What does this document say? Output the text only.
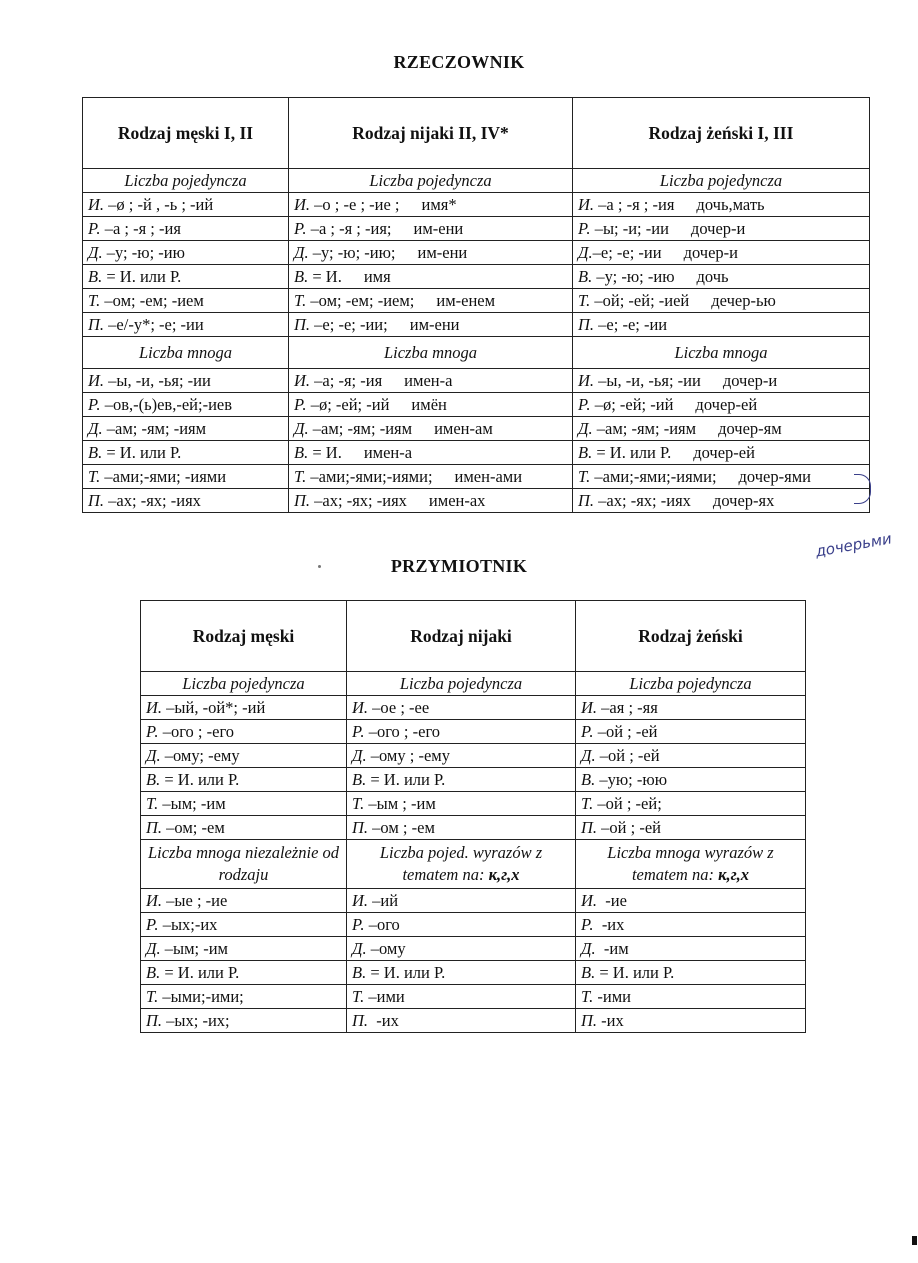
RZECZOWNIK
Rodzaj męski I, II	Rodzaj nijaki II, IV*	Rodzaj żeński I, III
Liczba pojedyncza	Liczba pojedyncza	Liczba pojedyncza
И. –ø ; -й , -ь ; -ий	И. –о ; -е ; -ие ; имя*	И. –а ; -я ; -ия дочь,мать
Р. –а ; -я ; -ия	Р. –а ; -я ; -ия; им-ени	Р. –ы; -и; -ии дочер-и
Д. –у; -ю; -ию	Д. –у; -ю; -ию; им-ени	Д.–е; -е; -ии дочер-и
В. = И. или Р.	В. = И. имя	В. –у; -ю; -ию дочь
Т. –ом; -ем; -ием	Т. –ом; -ем; -ием; им-енем	Т. –ой; -ей; -ией дечер-ью
П. –е/-у*; -е; -ии	П. –е; -е; -ии; им-ени	П. –е; -е; -ии
Liczba mnoga	Liczba mnoga	Liczba mnoga
И. –ы, -и, -ья; -ии	И. –а; -я; -ия имен-а	И. –ы, -и, -ья; -ии дочер-и
Р. –ов,-(ь)ев,-ей;-иев	Р. –ø; -ей; -ий имён	Р. –ø; -ей; -ий дочер-ей
Д. –ам; -ям; -иям	Д. –ам; -ям; -иям имен-ам	Д. –ам; -ям; -иям дочер-ям
В. = И. или Р.	В. = И. имен-а	В. = И. или Р. дочер-ей
Т. –ами;-ями; -иями	Т. –ами;-ями;-иями; имен-ами	Т. –ами;-ями;-иями; дочер-ями
П. –ах; -ях; -иях	П. –ах; -ях; -иях имен-ах	П. –ах; -ях; -иях дочер-ях
дочерьми
PRZYMIOTNIK
Rodzaj męski	Rodzaj nijaki	Rodzaj żeński
Liczba pojedyncza	Liczba pojedyncza	Liczba pojedyncza
И. –ый, -ой*; -ий	И. –ое ; -ее	И. –ая ; -яя
Р. –ого ; -его	Р. –ого ; -его	Р. –ой ; -ей
Д. –ому; -ему	Д. –ому ; -ему	Д. –ой ; -ей
В. = И. или Р.	В. = И. или Р.	В. –ую; -юю
Т. –ым; -им	Т. –ым ; -им	Т. –ой ; -ей;
П. –ом; -ем	П. –ом ; -ем	П. –ой ; -ей
Liczba mnoga niezależnie od rodzaju	Liczba pojed. wyrazów z tematem na: к,г,х	Liczba mnoga wyrazów z tematem na: к,г,х
И. –ые ; -ие	И. –ий	И.  -ие
Р. –ых;-их	Р. –ого	Р.  -их
Д. –ым; -им	Д. –ому	Д.  -им
В. = И. или Р.	В. = И. или Р.	В. = И. или Р.
Т. –ыми;-ими;	Т. –ими	Т. -ими
П. –ых; -их;	П.  -их	П. -их
